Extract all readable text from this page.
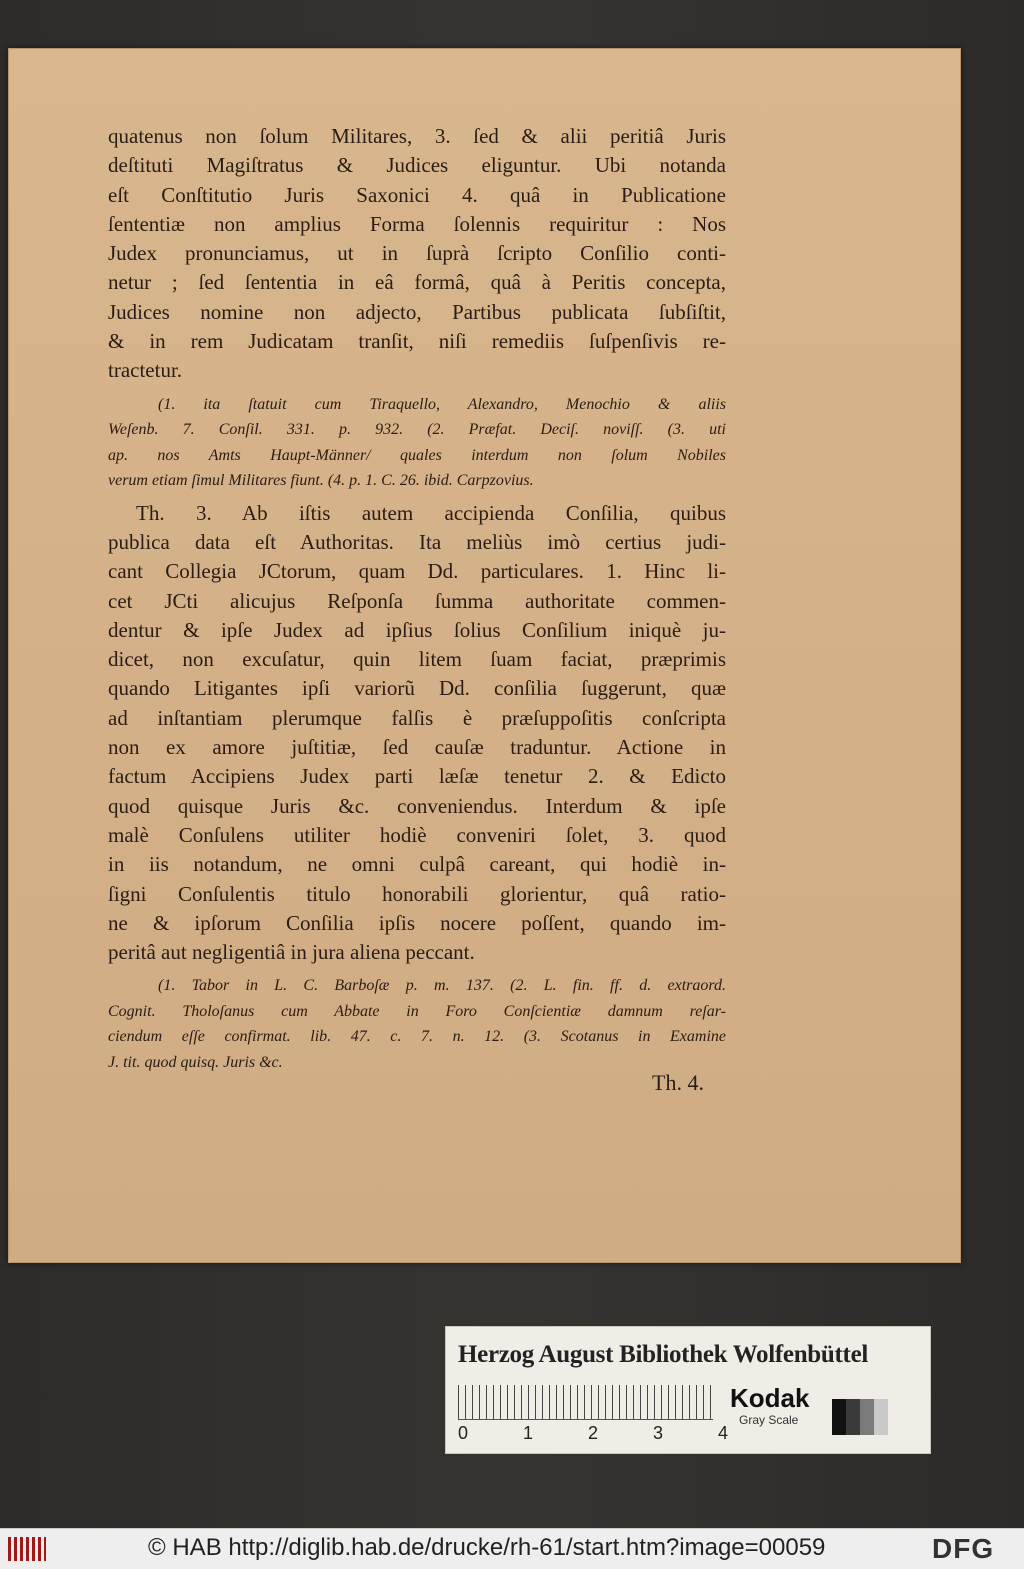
quatenus non ſolum Militares, 3. ſed & alii peritiâ Juris
deſtituti Magiſtratus & Judices eliguntur. Ubi notanda
eſt Conſtitutio Juris Saxonici 4. quâ in Publicatione
ſententiæ non amplius Forma ſolennis requiritur : Nos
Judex pronunciamus, ut in ſuprà ſcripto Conſilio conti-
netur ; ſed ſententia in eâ formâ, quâ à Peritis concepta,
Judices nomine non adjecto, Partibus publicata ſubſiſtit,
& in rem Judicatam tranſit, niſi remediis ſuſpenſivis re-
tractetur.
(1. ita ſtatuit cum Tiraquello, Alexandro, Menochio & aliis
Weſenb. 7. Conſil. 331. p. 932. (2. Præfat. Deciſ. noviſſ. (3. uti
ap. nos Amts Haupt-Männer/ quales interdum non ſolum Nobiles
verum etiam ſimul Militares fiunt. (4. p. 1. C. 26. ibid. Carpzovius.
Th. 3. Ab iſtis autem accipienda Conſilia, quibus
publica data eſt Authoritas. Ita meliùs imò certius judi-
cant Collegia JCtorum, quam Dd. particulares. 1. Hinc li-
cet JCti alicujus Reſponſa ſumma authoritate commen-
dentur & ipſe Judex ad ipſius ſolius Conſilium iniquè ju-
dicet, non excuſatur, quin litem ſuam faciat, præprimis
quando Litigantes ipſi variorũ Dd. conſilia ſuggerunt, quæ
ad inſtantiam plerumque falſis è præſuppoſitis conſcripta
non ex amore juſtitiæ, ſed cauſæ traduntur. Actione in
factum Accipiens Judex parti læſæ tenetur 2. & Edicto
quod quisque Juris &c. conveniendus. Interdum & ipſe
malè Conſulens utiliter hodiè conveniri ſolet, 3. quod
in iis notandum, ne omni culpâ careant, qui hodiè in-
ſigni Conſulentis titulo honorabili glorientur, quâ ratio-
ne & ipſorum Conſilia ipſis nocere poſſent, quando im-
peritâ aut negligentiâ in jura aliena peccant.
(1. Tabor in L. C. Barboſæ p. m. 137. (2. L. fin. ff. d. extraord.
Cognit. Tholoſanus cum Abbate in Foro Conſcientiæ damnum reſar-
ciendum eſſe confirmat. lib. 47. c. 7. n. 12. (3. Scotanus in Examine
J. tit. quod quisq. Juris &c.
Th. 4.
Herzog August Bibliothek Wolfenbüttel
0	1	2	3	4
Kodak
Gray Scale
© HAB http://diglib.hab.de/drucke/rh-61/start.htm?image=00059	DFG
